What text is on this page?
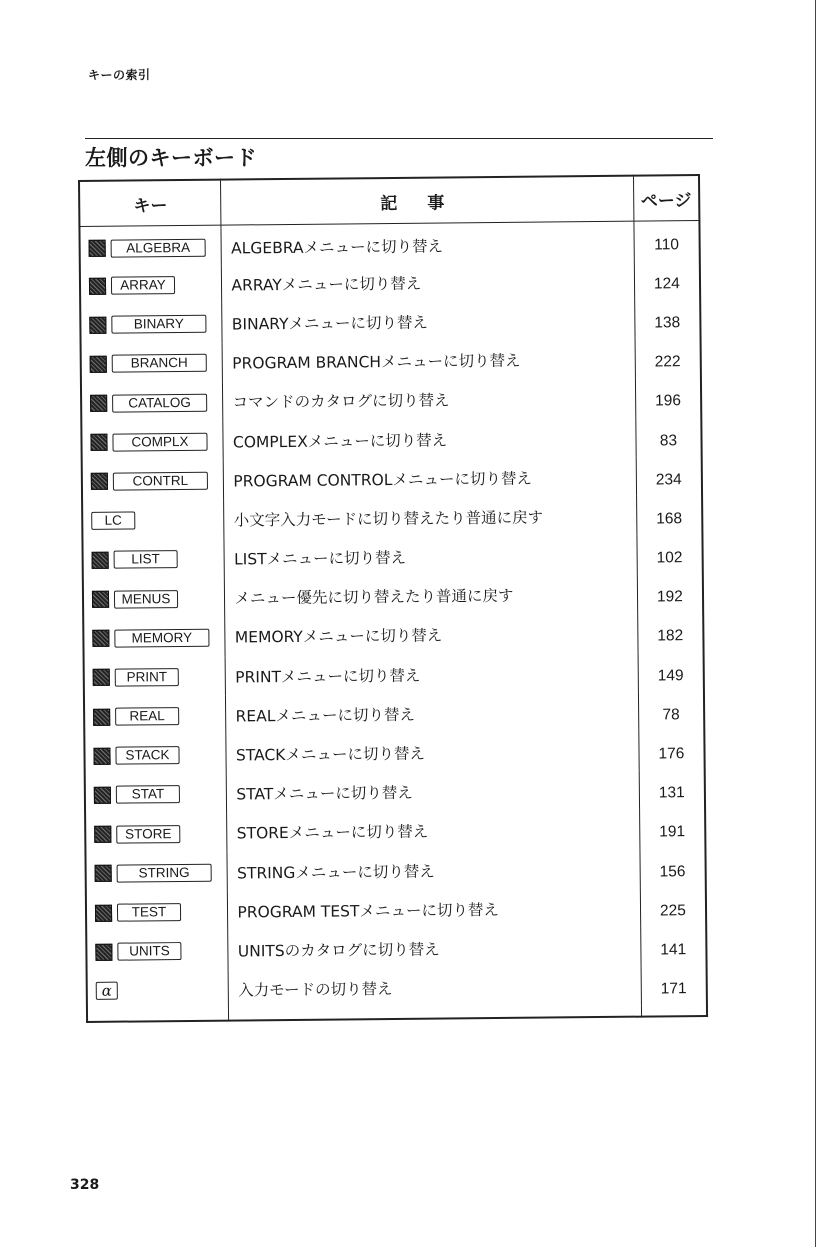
キーの索引
左側のキーボード
キー	記事	ページ
ALGEBRA	ALGEBRAメニューに切り替え	110
ARRAY	ARRAYメニューに切り替え	124
BINARY	BINARYメニューに切り替え	138
BRANCH	PROGRAM BRANCHメニューに切り替え	222
CATALOG	コマンドのカタログに切り替え	196
COMPLX	COMPLEXメニューに切り替え	83
CONTRL	PROGRAM CONTROLメニューに切り替え	234
LC	小文字入力モードに切り替えたり普通に戻す	168
LIST	LISTメニューに切り替え	102
MENUS	メニュー優先に切り替えたり普通に戻す	192
MEMORY	MEMORYメニューに切り替え	182
PRINT	PRINTメニューに切り替え	149
REAL	REALメニューに切り替え	78
STACK	STACKメニューに切り替え	176
STAT	STATメニューに切り替え	131
STORE	STOREメニューに切り替え	191
STRING	STRINGメニューに切り替え	156
TEST	PROGRAM TESTメニューに切り替え	225
UNITS	UNITSのカタログに切り替え	141
α	入力モードの切り替え	171

328
